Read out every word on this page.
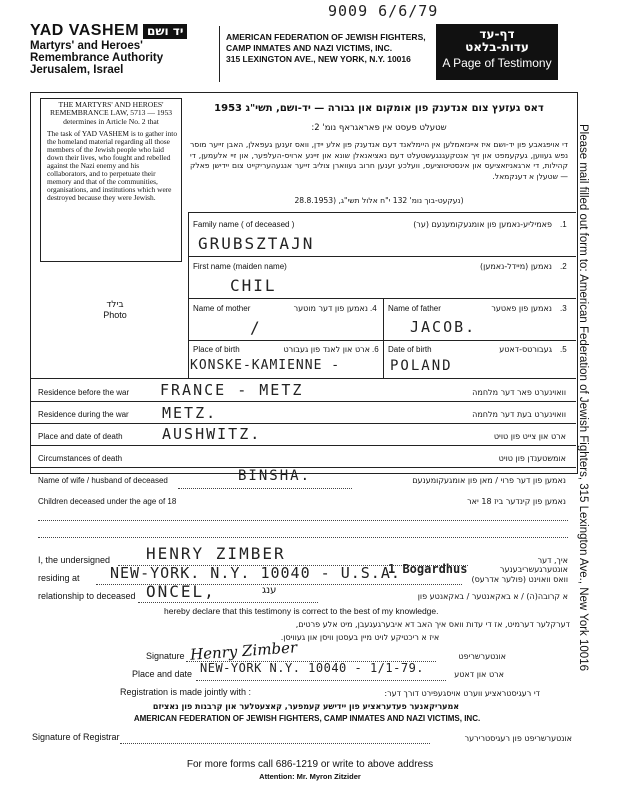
9009 6/6/79
YAD VASHEM יד ושם
Martyrs' and Heroes'
Remembrance Authority
Jerusalem, Israel
AMERICAN FEDERATION OF JEWISH FIGHTERS,
CAMP INMATES AND NAZI VICTIMS, INC.
315 LEXINGTON AVE., NEW YORK, N.Y. 10016
דף-עד
עדות-בלאט
A Page of Testimony
Please mail filled out form to: American Federation of Jewish Fighters, 315 Lexington Ave., New York 10016
THE MARTYRS' AND HEROES' REMEMBRANCE LAW, 5713 — 1953 determines in Article No. 2 that
The task of YAD VASHEM is to gather into the homeland material regarding all those members of the Jewish people who laid down their lives, who fought and rebelled against the Nazi enemy and his collaborators, and to perpetuate their memory and that of the communities, organisations, and institutions which were destroyed because they were Jewish.
דאס געזעץ צום אנדענק פון אומקום און גבורה — יד-ושם, תשי"ג 1953
שטעלט פעסט אין פאראגראף נומ' 2:
די אויפגאבע פון יד-ושם איז איינזאמלען אין היימלאנד דעם אנדענק פון אלע יידן, וואס זענען געפאלן, האבן זייער מוסר נפש געווען, געקעמפט און זיך אנטקעגנגעשטעלט דעם נאציאנאלן שונא און זיינע ארויס-העלפער, און זיי אלעמען, די קהילות, די ארגאניזאציעס און אינסטיטוציעס, וועלכע זענען חרוב געווארן צוליב זייער אנגעהעריקייט צום יידישן פאלק — שטעלן א דענקמאל.
(נעקעט-בוך נומ' 132 י"ח אלול תשי"ג, (28.8.1953
בילד
Photo
Family name ( of deceased )	פאמיליע-נאמען פון אומגעקומענעם (ער) .1
GRUBSZTAJN
First name (maiden name)	נאמען (מיידל-נאמען) .2
CHIL
Name of mother	נאמען פון דער מוטער .4
/
Name of father	נאמען פון פאטער .3
JACOB.
Place of birth	ארט און לאנד פון געבורט .6
KONSKE-KAMIENNE -
Date of birth	געבורטס-דאטע .5
POLAND
Residence before the war	וואוינערט פאר דער מלחמה
FRANCE - METZ
Residence during the war	וואוינערט בעת דער מלחמה
METZ.
Place and date of death	ארט און צייט פון טויט
AUSHWITZ.
Circumstances of death	אומשטענדן פון טויט
Name of wife / husband of deceased	נאמען פון דער פרוי / מאן פון אומגעקומענעם
BINSHA.
Children deceased under the age of 18	נאמען פון קינדער ביז 18 יאר
I, the undersigned HENRY ZIMBER	איך, דער אונטערגעשריבענער
residing at NEW-YORK. N.Y. 10040 - U.S.A.
1 Bogardhus
וואס וואוינט (פולער אדרעס)
relationship to deceased ONCEL,	ענג
א קרובה(ה) / א באקאנטער / באקאנטע פון
hereby declare that this testimony is correct to the best of my knowledge.
דערקלער דערמיט, אז די עדות וואס איך האב דא איבערגעגעבן, מיט אלע פרטים,
איז א ריכטיקע לויט מיין בעסטן וויסן און געוויסן.
Signature Henry Zimber	אונטערשריפט
Place and date NEW-YORK N.Y. 10040 - 1/1-79.	ארט און דאטע
Registration is made jointly with :	די רעגיסטראציע ווערט אויסגעפירט דורך דער:
אמעריקאנער פעדעראציע פון יידישע קעמפער, קאצעטלער און קרבנות פון נאציזם
AMERICAN FEDERATION OF JEWISH FIGHTERS, CAMP INMATES AND NAZI VICTIMS, INC.
Signature of Registrar	אונטערשריפט פון רעגיסטרירער
For more forms call 686-1219 or write to above address
Attention: Mr. Myron Zitzider
